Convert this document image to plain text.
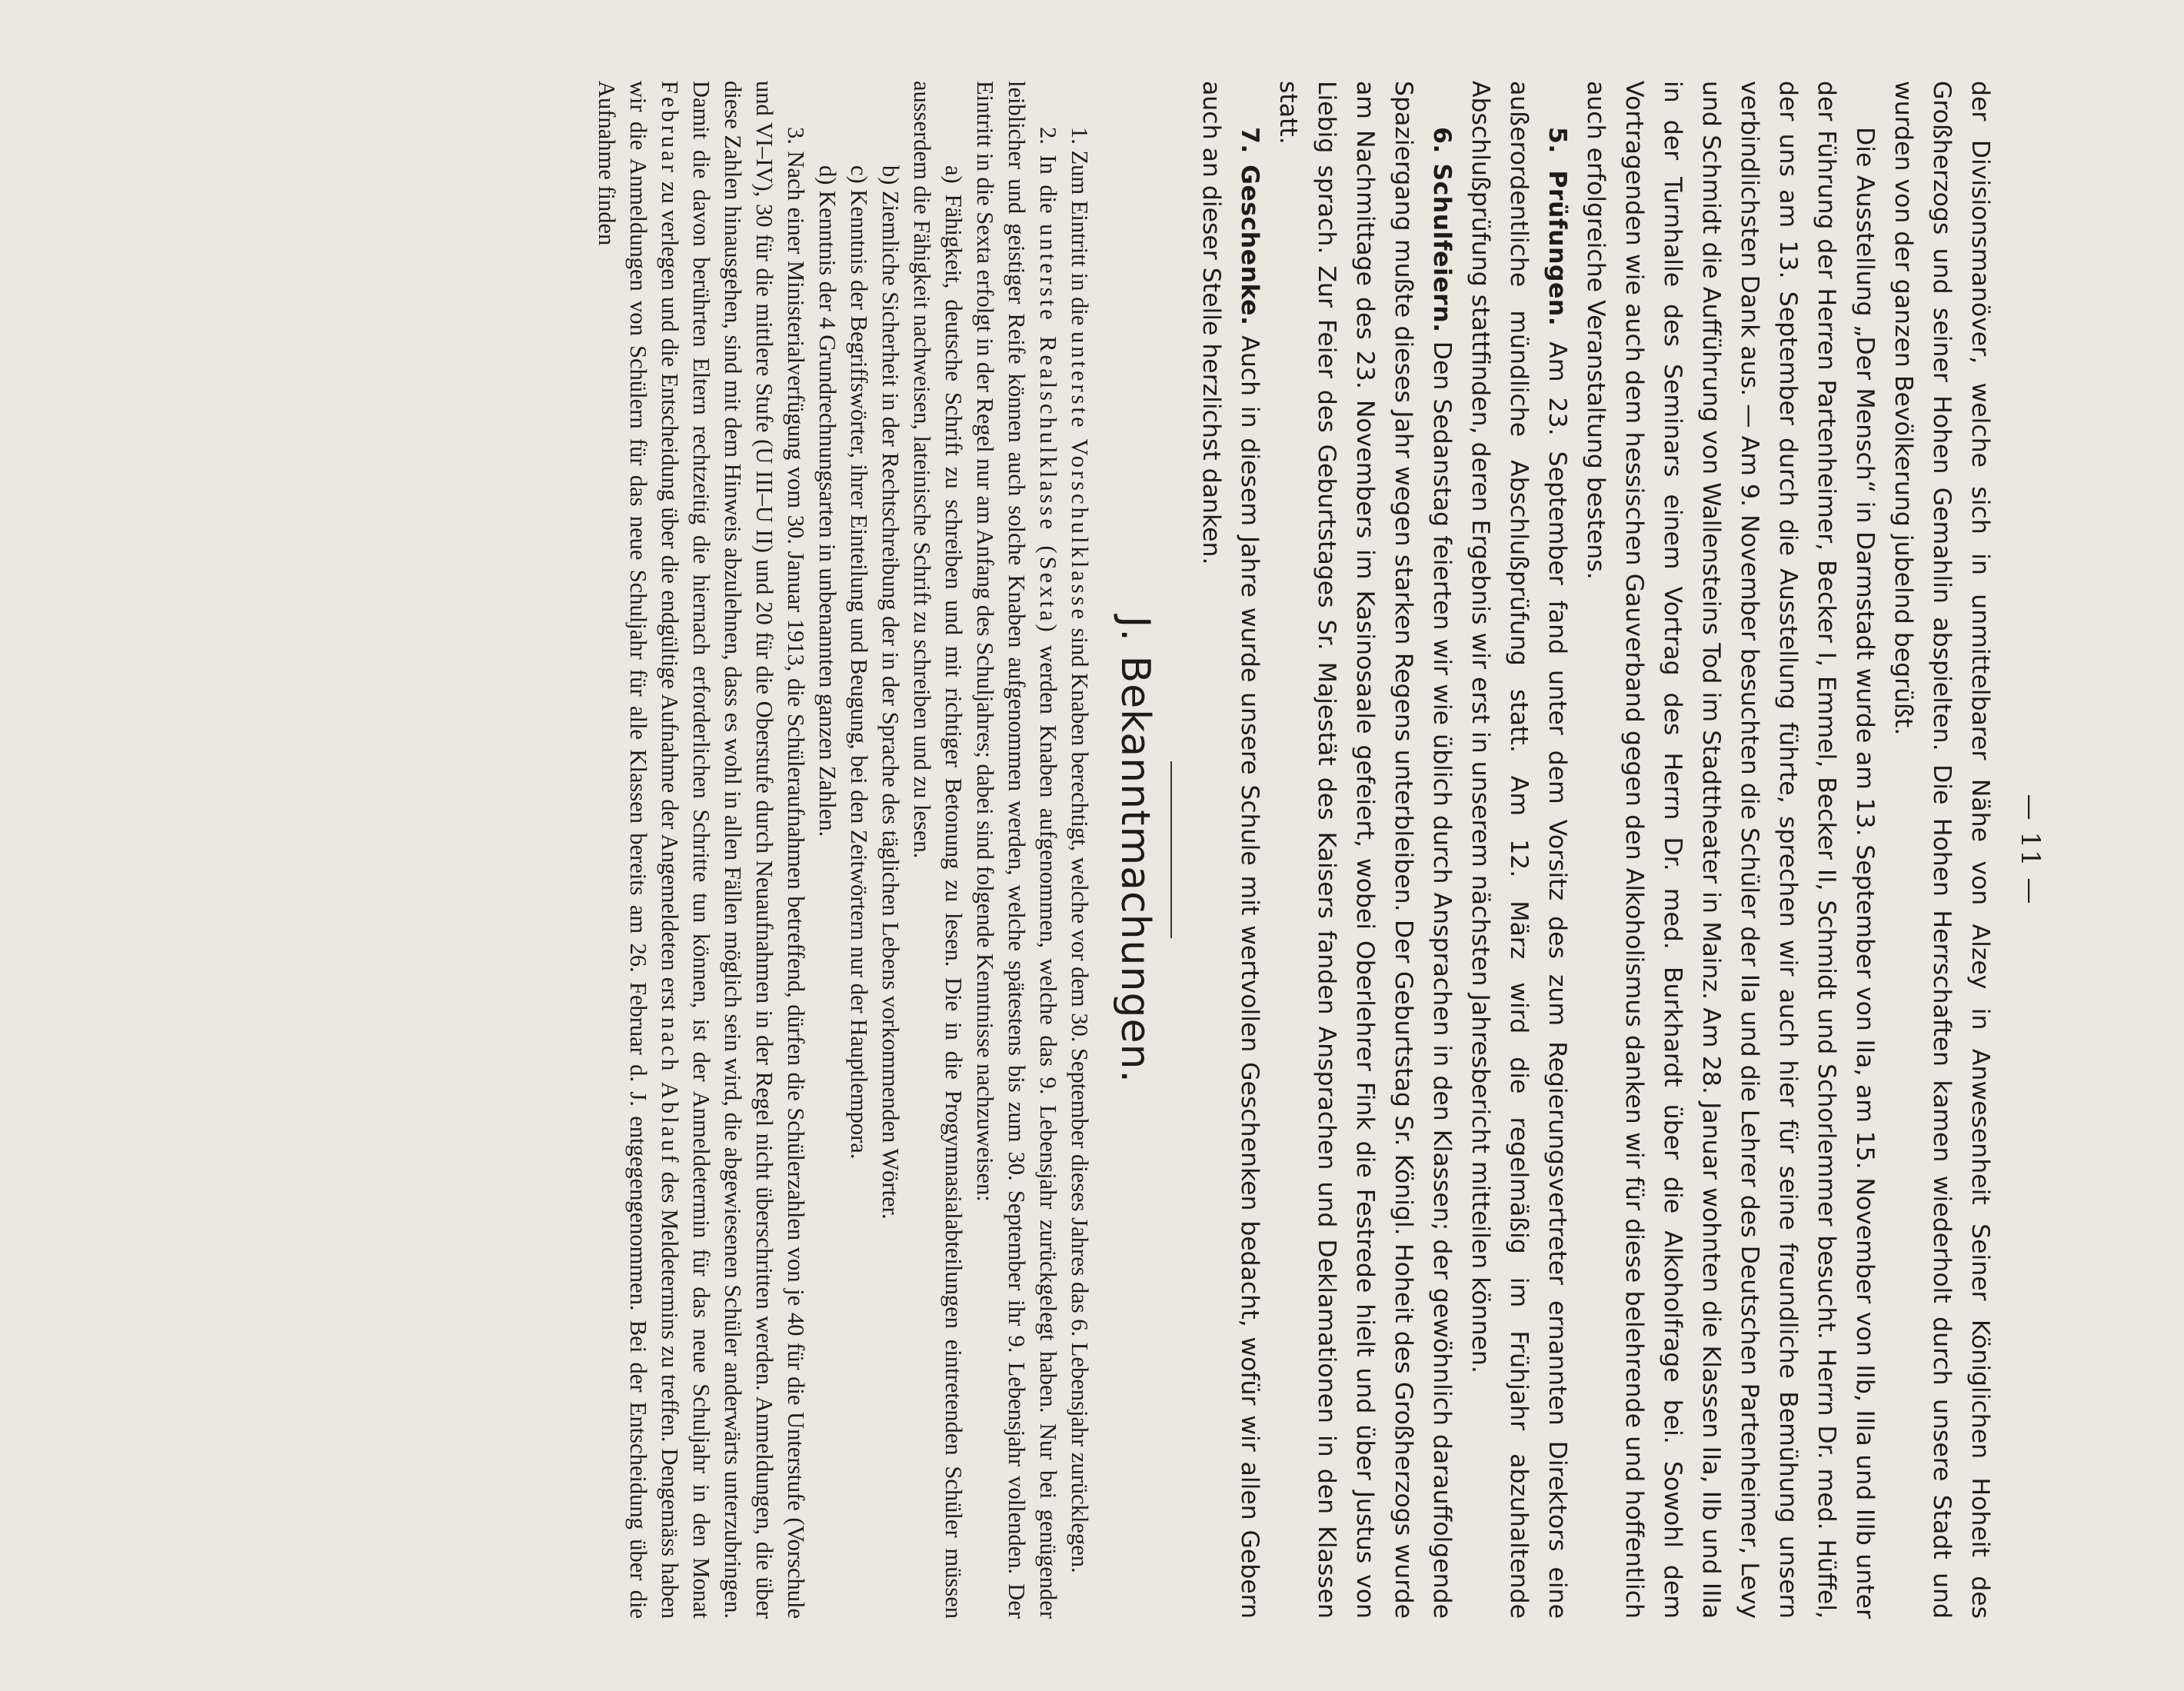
— 11 —

der Divisionsmanöver, welche sich in unmittelbarer Nähe von Alzey in Anwesenheit Seiner Königlichen Hoheit des Großherzogs und seiner Hohen Gemahlin abspielten. Die Hohen Herrschaften kamen wiederholt durch unsere Stadt und wurden von der ganzen Bevölkerung jubelnd begrüßt.

Die Ausstellung „Der Mensch“ in Darmstadt wurde am 13. September von IIa, am 15. November von IIb, IIIa und IIIb unter der Führung der Herren Partenheimer, Becker I, Emmel, Becker II, Schmidt und Schorlemmer besucht. Herrn Dr. med. Hüffel, der uns am 13. September durch die Ausstellung führte, sprechen wir auch hier für seine freundliche Bemühung unsern verbindlichsten Dank aus. — Am 9. November besuchten die Schüler der IIa und die Lehrer des Deutschen Partenheimer, Levy und Schmidt die Aufführung von Wallensteins Tod im Stadttheater in Mainz. Am 28. Januar wohnten die Klassen IIa, IIb und IIIa in der Turnhalle des Seminars einem Vortrag des Herrn Dr. med. Burkhardt über die Alkoholfrage bei. Sowohl dem Vortragenden wie auch dem hessischen Gauverband gegen den Alkoholismus danken wir für diese belehrende und hoffentlich auch erfolgreiche Veranstaltung bestens.

5. Prüfungen. Am 23. September fand unter dem Vorsitz des zum Regierungsvertreter ernannten Direktors eine außerordentliche mündliche Abschlußprüfung statt. Am 12. März wird die regelmäßig im Frühjahr abzuhaltende Abschlußprüfung stattfinden, deren Ergebnis wir erst in unserem nächsten Jahresbericht mitteilen können.

6. Schulfeiern. Den Sedanstag feierten wir wie üblich durch Ansprachen in den Klassen; der gewöhnlich darauffolgende Spaziergang mußte dieses Jahr wegen starken Regens unterbleiben. Der Geburtstag Sr. Königl. Hoheit des Großherzogs wurde am Nachmittage des 23. Novembers im Kasinosaale gefeiert, wobei Oberlehrer Fink die Festrede hielt und über Justus von Liebig sprach. Zur Feier des Geburtstages Sr. Majestät des Kaisers fanden Ansprachen und Deklamationen in den Klassen statt.

7. Geschenke. Auch in diesem Jahre wurde unsere Schule mit wertvollen Geschenken bedacht, wofür wir allen Gebern auch an dieser Stelle herzlichst danken.

J. Bekanntmachungen.

1. Zum Eintritt in die unterste Vorschulklasse sind Knaben berechtigt, welche vor dem 30. September dieses Jahres das 6. Lebensjahr zurücklegen.

2. In die unterste Realschulklasse (Sexta) werden Knaben aufgenommen, welche das 9. Lebensjahr zurückgelegt haben. Nur bei genügender leiblicher und geistiger Reife können auch solche Knaben aufgenommen werden, welche spätestens bis zum 30. September ihr 9. Lebensjahr vollenden. Der Eintritt in die Sexta erfolgt in der Regel nur am Anfang des Schuljahres; dabei sind folgende Kenntnisse nachzuweisen:

a) Fähigkeit, deutsche Schrift zu schreiben und mit richtiger Betonung zu lesen. Die in die Progymnasialabteilungen eintretenden Schüler müssen ausserdem die Fähigkeit nachweisen, lateinische Schrift zu schreiben und zu lesen.

b) Ziemliche Sicherheit in der Rechtschreibung der in der Sprache des täglichen Lebens vorkommenden Wörter.

c) Kenntnis der Begriffswörter, ihrer Einteilung und Beugung, bei den Zeitwörtern nur der Hauptlempora.

d) Kenntnis der 4 Grundrechnungsarten in unbenannten ganzen Zahlen.

3. Nach einer Ministerialverfügung vom 30. Januar 1913, die Schüleraufnahmen betreffend, dürfen die Schülerzahlen von je 40 für die Unterstufe (Vorschule und VI–IV), 30 für die mittlere Stufe (U III–U II) und 20 für die Oberstufe durch Neuaufnahmen in der Regel nicht überschritten werden. Anmeldungen, die über diese Zahlen hinausgehen, sind mit dem Hinweis abzulehnen, dass es wohl in allen Fällen möglich sein wird, die abgewiesenen Schüler anderwärts unterzubringen. Damit die davon berührten Eltern rechtzeitig die hiernach erforderlichen Schritte tun können, ist der Anmeldetermin für das neue Schuljahr in den Monat Februar zu verlegen und die Entscheidung über die endgültige Aufnahme der Angemeldeten erst nach Ablauf des Meldetermins zu treffen. Dengemäss haben wir die Anmeldungen von Schülern für das neue Schuljahr für alle Klassen bereits am 26. Februar d. J. entgegengenommen. Bei der Entscheidung über die Aufnahme finden
